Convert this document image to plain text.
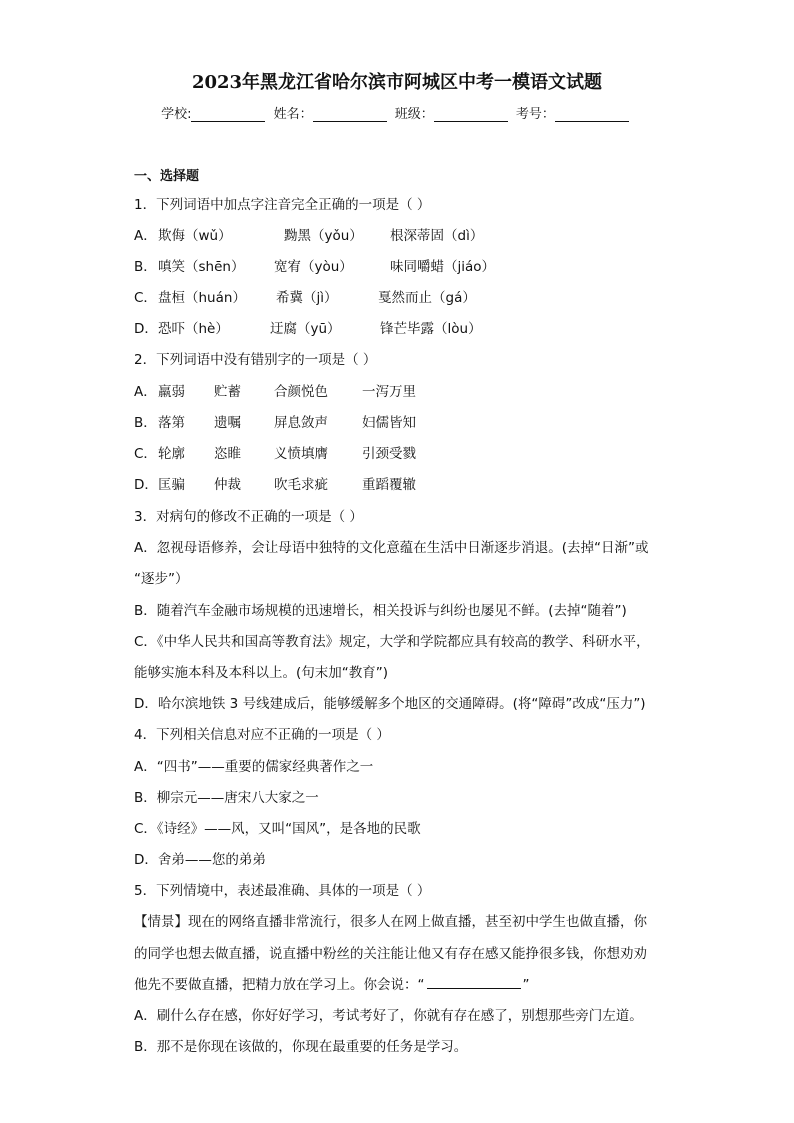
2023年黑龙江省哈尔滨市阿城区中考一模语文试题
学校:	姓名：	班级：	考号：
一、选择题
1．下列词语中加点字注音完全正确的一项是（ ）
A．欺侮（wǔ）	黝黑（yǒu） 根深蒂固（dì）
B．嗔笑（shēn） 宽宥（yòu）	味同嚼蜡（jiáo）
C．盘桓（huán） 希冀（jì）	戛然而止（gá）
D．恐吓（hè）	迂腐（yū）	锋芒毕露（lòu）
2．下列词语中没有错别字的一项是（ ）
A．羸弱 贮蓄 合颜悦色	一泻万里
B．落第 遗嘱 屏息敛声	妇儒皆知
C．轮廓 恣睢 义愤填膺	引颈受戮
D．匡骗 仲裁 吹毛求疵	重蹈覆辙
3．对病句的修改不正确的一项是（ ）
A．忽视母语修养，会让母语中独特的文化意蕴在生活中日渐逐步消退。(去掉“日渐”或
“逐步”）
B．随着汽车金融市场规模的迅速增长，相关投诉与纠纷也屡见不鲜。(去掉“随着”)
C．《中华人民共和国高等教育法》规定，大学和学院都应具有较高的教学、科研水平，
能够实施本科及本科以上。(句末加“教育”)
D．哈尔滨地铁 3 号线建成后，能够缓解多个地区的交通障碍。(将“障碍”改成“压力”)
4．下列相关信息对应不正确的一项是（ ）
A．“四书”——重要的儒家经典著作之一
B．柳宗元——唐宋八大家之一
C．《诗经》——风，又叫“国风”，是各地的民歌
D．舍弟——您的弟弟
5．下列情境中，表述最准确、具体的一项是（ ）
【情景】现在的网络直播非常流行，很多人在网上做直播，甚至初中学生也做直播，你
的同学也想去做直播，说直播中粉丝的关注能让他又有存在感又能挣很多钱，你想劝劝
他先不要做直播，把精力放在学习上。你会说：“	”
A．刷什么存在感，你好好学习，考试考好了，你就有存在感了，别想那些旁门左道。
B．那不是你现在该做的，你现在最重要的任务是学习。
